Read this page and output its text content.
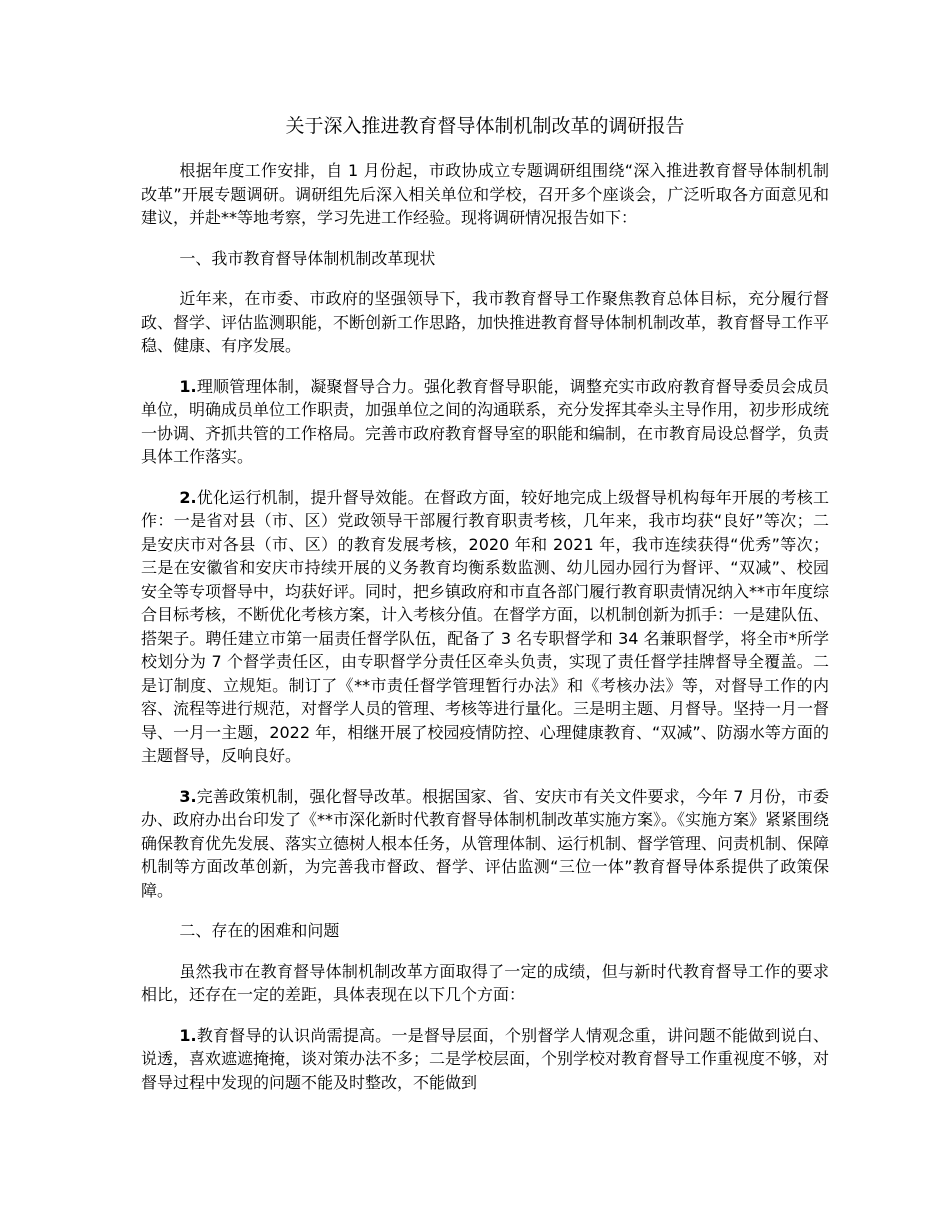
关于深入推进教育督导体制机制改革的调研报告

根据年度工作安排，自 1 月份起，市政协成立专题调研组围绕“深入推进教育督导体制机制改革”开展专题调研。调研组先后深入相关单位和学校，召开多个座谈会，广泛听取各方面意见和建议，并赴**等地考察，学习先进工作经验。现将调研情况报告如下：

一、我市教育督导体制机制改革现状

近年来，在市委、市政府的坚强领导下，我市教育督导工作聚焦教育总体目标，充分履行督政、督学、评估监测职能，不断创新工作思路，加快推进教育督导体制机制改革，教育督导工作平稳、健康、有序发展。

1.理顺管理体制，凝聚督导合力。强化教育督导职能，调整充实市政府教育督导委员会成员单位，明确成员单位工作职责，加强单位之间的沟通联系，充分发挥其牵头主导作用，初步形成统一协调、齐抓共管的工作格局。完善市政府教育督导室的职能和编制，在市教育局设总督学，负责具体工作落实。

2.优化运行机制，提升督导效能。在督政方面，较好地完成上级督导机构每年开展的考核工作：一是省对县（市、区）党政领导干部履行教育职责考核，几年来，我市均获“良好”等次；二是安庆市对各县（市、区）的教育发展考核，2020 年和 2021 年，我市连续获得“优秀”等次；三是在安徽省和安庆市持续开展的义务教育均衡系数监测、幼儿园办园行为督评、“双减”、校园安全等专项督导中，均获好评。同时，把乡镇政府和市直各部门履行教育职责情况纳入**市年度综合目标考核，不断优化考核方案，计入考核分值。在督学方面，以机制创新为抓手：一是建队伍、搭架子。聘任建立市第一届责任督学队伍，配备了 3 名专职督学和 34 名兼职督学，将全市*所学校划分为 7 个督学责任区，由专职督学分责任区牵头负责，实现了责任督学挂牌督导全覆盖。二是订制度、立规矩。制订了《**市责任督学管理暂行办法》和《考核办法》等，对督导工作的内容、流程等进行规范，对督学人员的管理、考核等进行量化。三是明主题、月督导。坚持一月一督导、一月一主题，2022 年，相继开展了校园疫情防控、心理健康教育、“双减”、防溺水等方面的主题督导，反响良好。

3.完善政策机制，强化督导改革。根据国家、省、安庆市有关文件要求，今年 7 月份，市委办、政府办出台印发了《**市深化新时代教育督导体制机制改革实施方案》。《实施方案》紧紧围绕确保教育优先发展、落实立德树人根本任务，从管理体制、运行机制、督学管理、问责机制、保障机制等方面改革创新，为完善我市督政、督学、评估监测“三位一体”教育督导体系提供了政策保障。

二、存在的困难和问题

虽然我市在教育督导体制机制改革方面取得了一定的成绩，但与新时代教育督导工作的要求相比，还存在一定的差距，具体表现在以下几个方面：

1.教育督导的认识尚需提高。一是督导层面，个别督学人情观念重，讲问题不能做到说白、说透，喜欢遮遮掩掩，谈对策办法不多；二是学校层面，个别学校对教育督导工作重视度不够，对督导过程中发现的问题不能及时整改，不能做到
